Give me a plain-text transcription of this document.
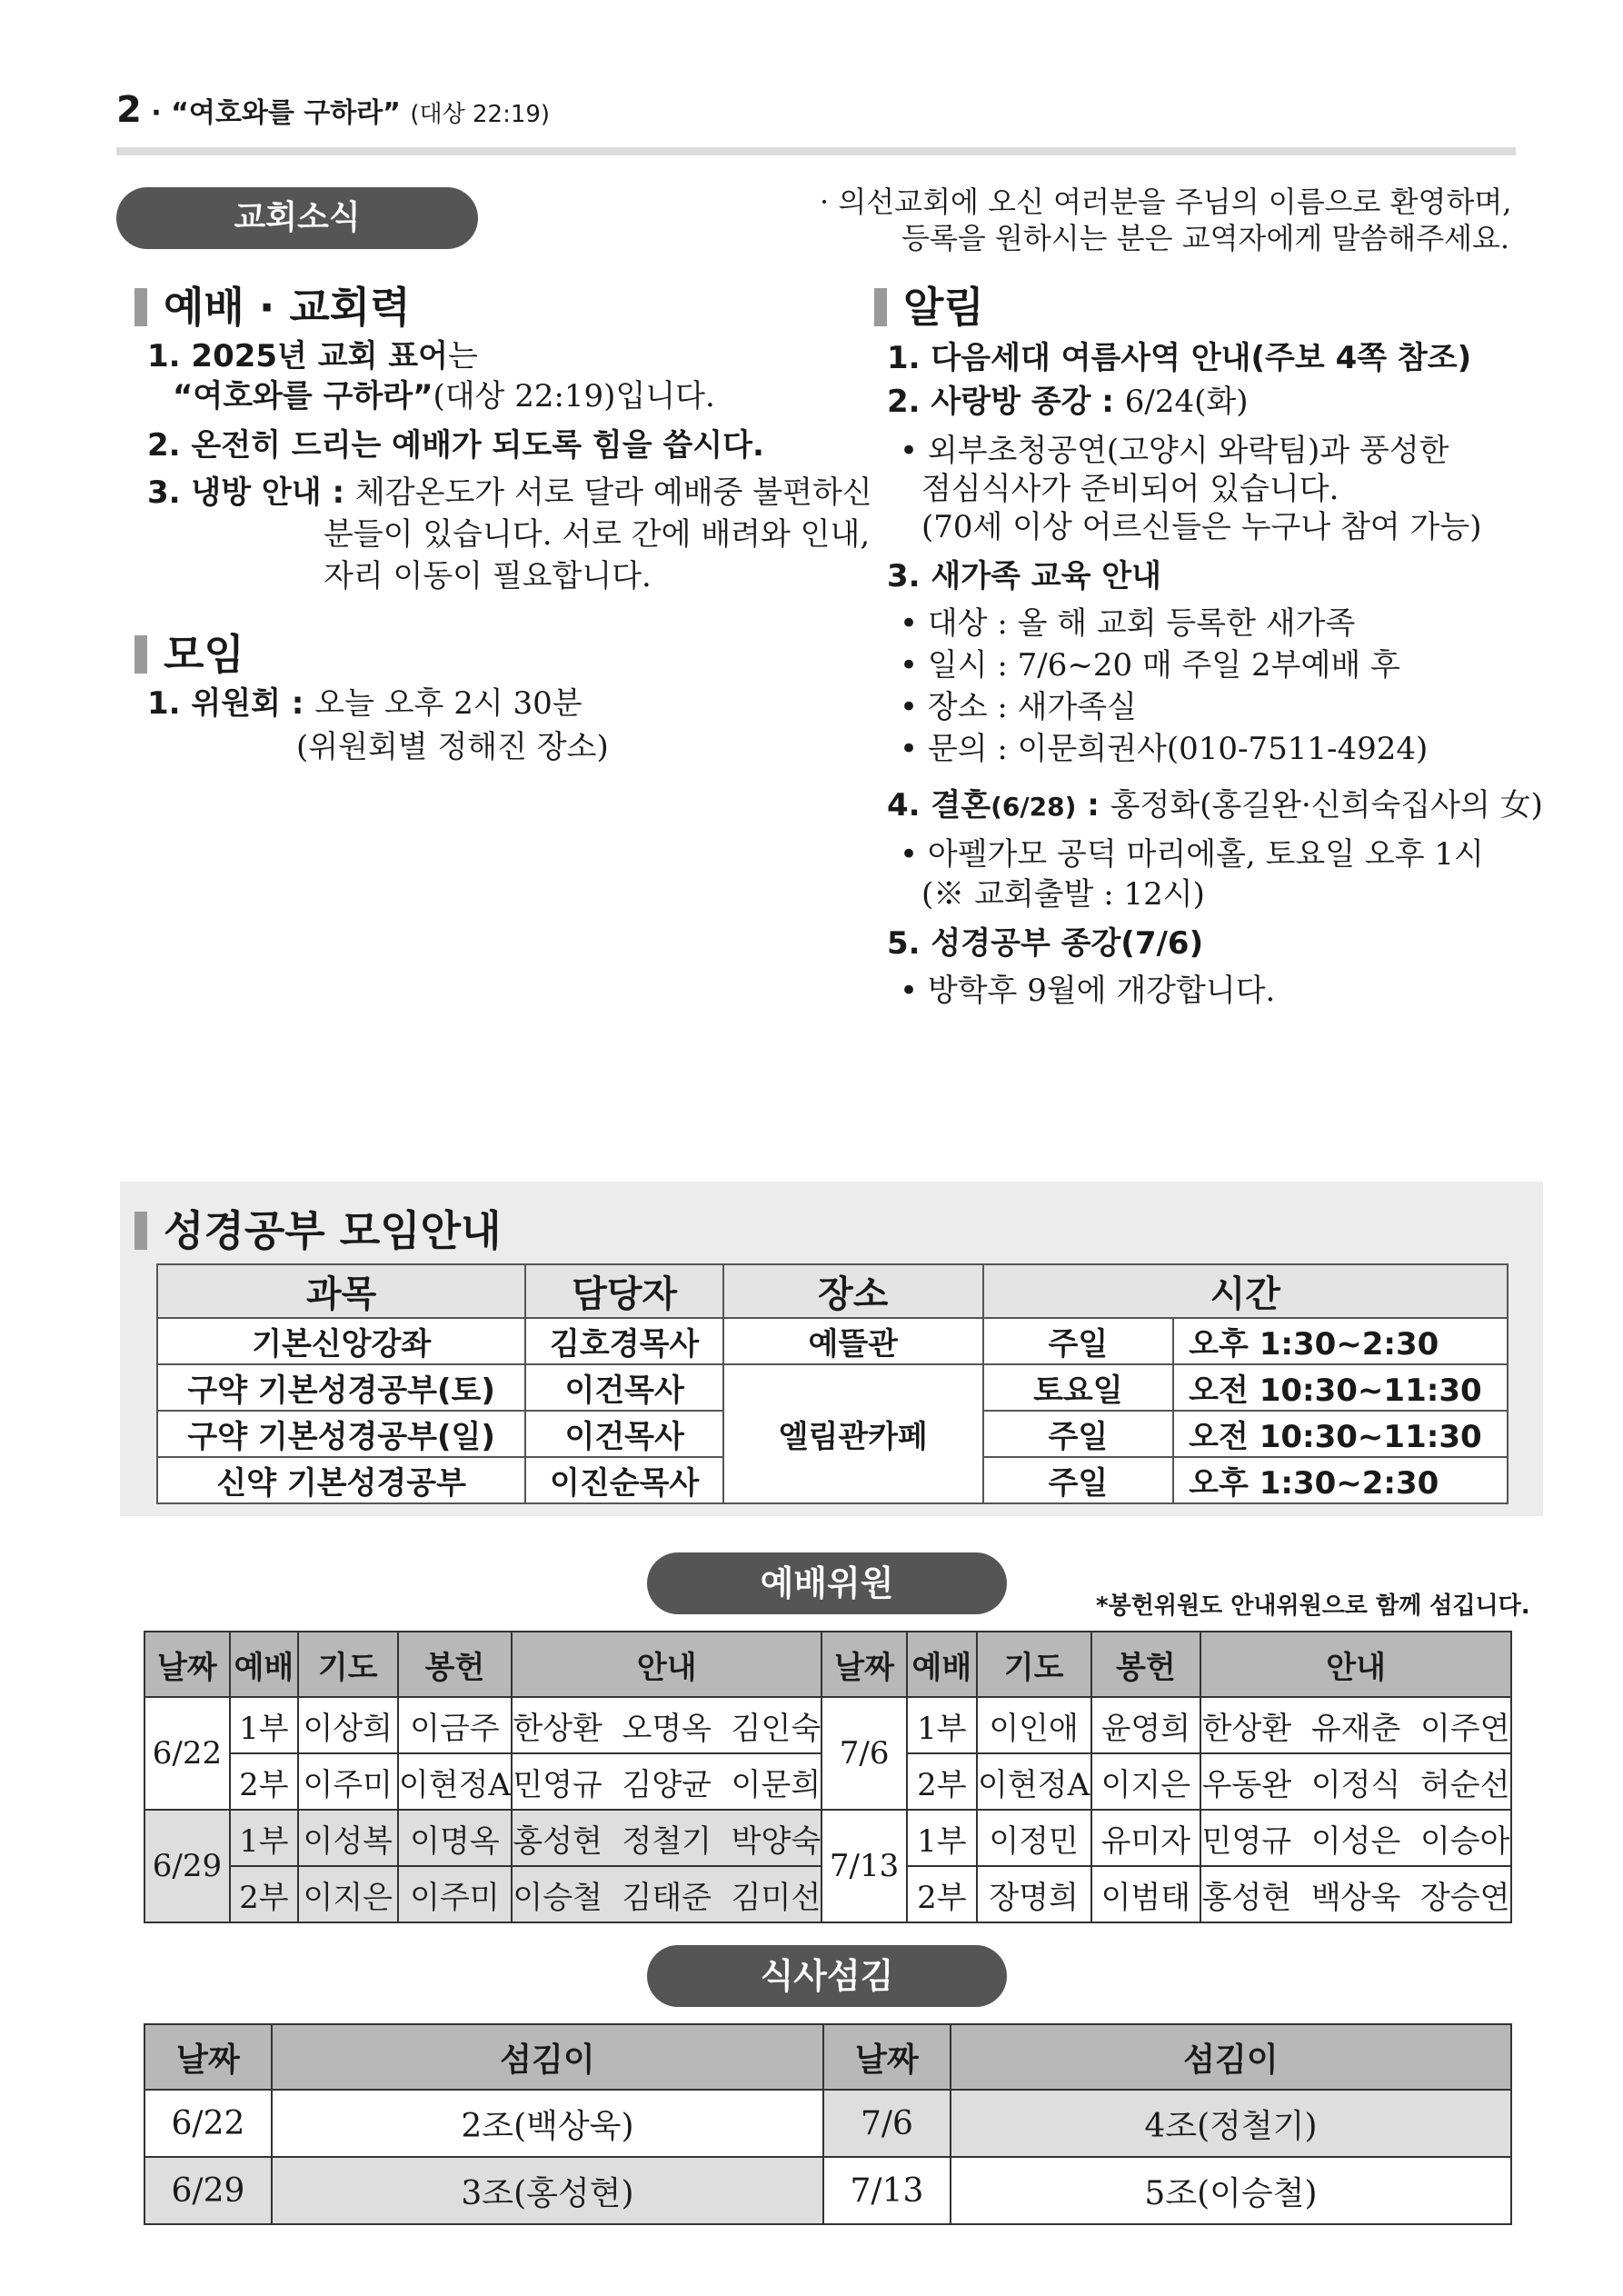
2 · “여호와를 구하라” (대상 22:19)
교회소식	· 의선교회에 오신 여러분을 주님의 이름으로 환영하며,
등록을 원하시는 분은 교역자에게 말씀해주세요.
예배 · 교회력
1. 2025년 교회 표어는
“여호와를 구하라”(대상 22:19)입니다.
2. 온전히 드리는 예배가 되도록 힘을 씁시다.
3. 냉방 안내 : 체감온도가 서로 달라 예배중 불편하신
분들이 있습니다. 서로 간에 배려와 인내,
자리 이동이 필요합니다.
모임
1. 위원회 : 오늘 오후 2시 30분
(위원회별 정해진 장소)
알림
1. 다음세대 여름사역 안내(주보 4쪽 참조)
2. 사랑방 종강 : 6/24(화)
• 외부초청공연(고양시 와락팀)과 풍성한
점심식사가 준비되어 있습니다.
(70세 이상 어르신들은 누구나 참여 가능)
3. 새가족 교육 안내
• 대상 : 올 해 교회 등록한 새가족
• 일시 : 7/6~20 매 주일 2부예배 후
• 장소 : 새가족실
• 문의 : 이문희권사(010-7511-4924)
4. 결혼(6/28) : 홍정화(홍길완·신희숙집사의 女)
• 아펠가모 공덕 마리에홀, 토요일 오후 1시
(※ 교회출발 : 12시)
5. 성경공부 종강(7/6)
• 방학후 9월에 개강합니다.
성경공부 모임안내
과목	담당자	장소	시간	
기본신앙강좌	김호경목사	예뜰관	주일	오후 1:30~2:30
구약 기본성경공부(토)	이건목사	엘림관카페	토요일	오전 10:30~11:30
구약 기본성경공부(일)	이건목사		주일	오전 10:30~11:30
신약 기본성경공부	이진순목사		주일	오후 1:30~2:30
예배위원
*봉헌위원도 안내위원으로 함께 섬깁니다.
날짜	예배	기도	봉헌	안내	날짜	예배	기도	봉헌	안내
6/22	1부	이상희	이금주	한상환  오명옥  김인숙	7/6	1부	이인애	윤영희	한상환  유재춘  이주연
	2부	이주미	이현정A	민영규  김양균  이문희		2부	이현정A	이지은	우동완  이정식  허순선
6/29	1부	이성복	이명옥	홍성현  정철기  박양숙	7/13	1부	이정민	유미자	민영규  이성은  이승아
	2부	이지은	이주미	이승철  김태준  김미선		2부	장명희	이범태	홍성현  백상욱  장승연
식사섬김
날짜	섬김이	날짜	섬김이
6/22	2조(백상욱)	7/6	4조(정철기)
6/29	3조(홍성현)	7/13	5조(이승철)
